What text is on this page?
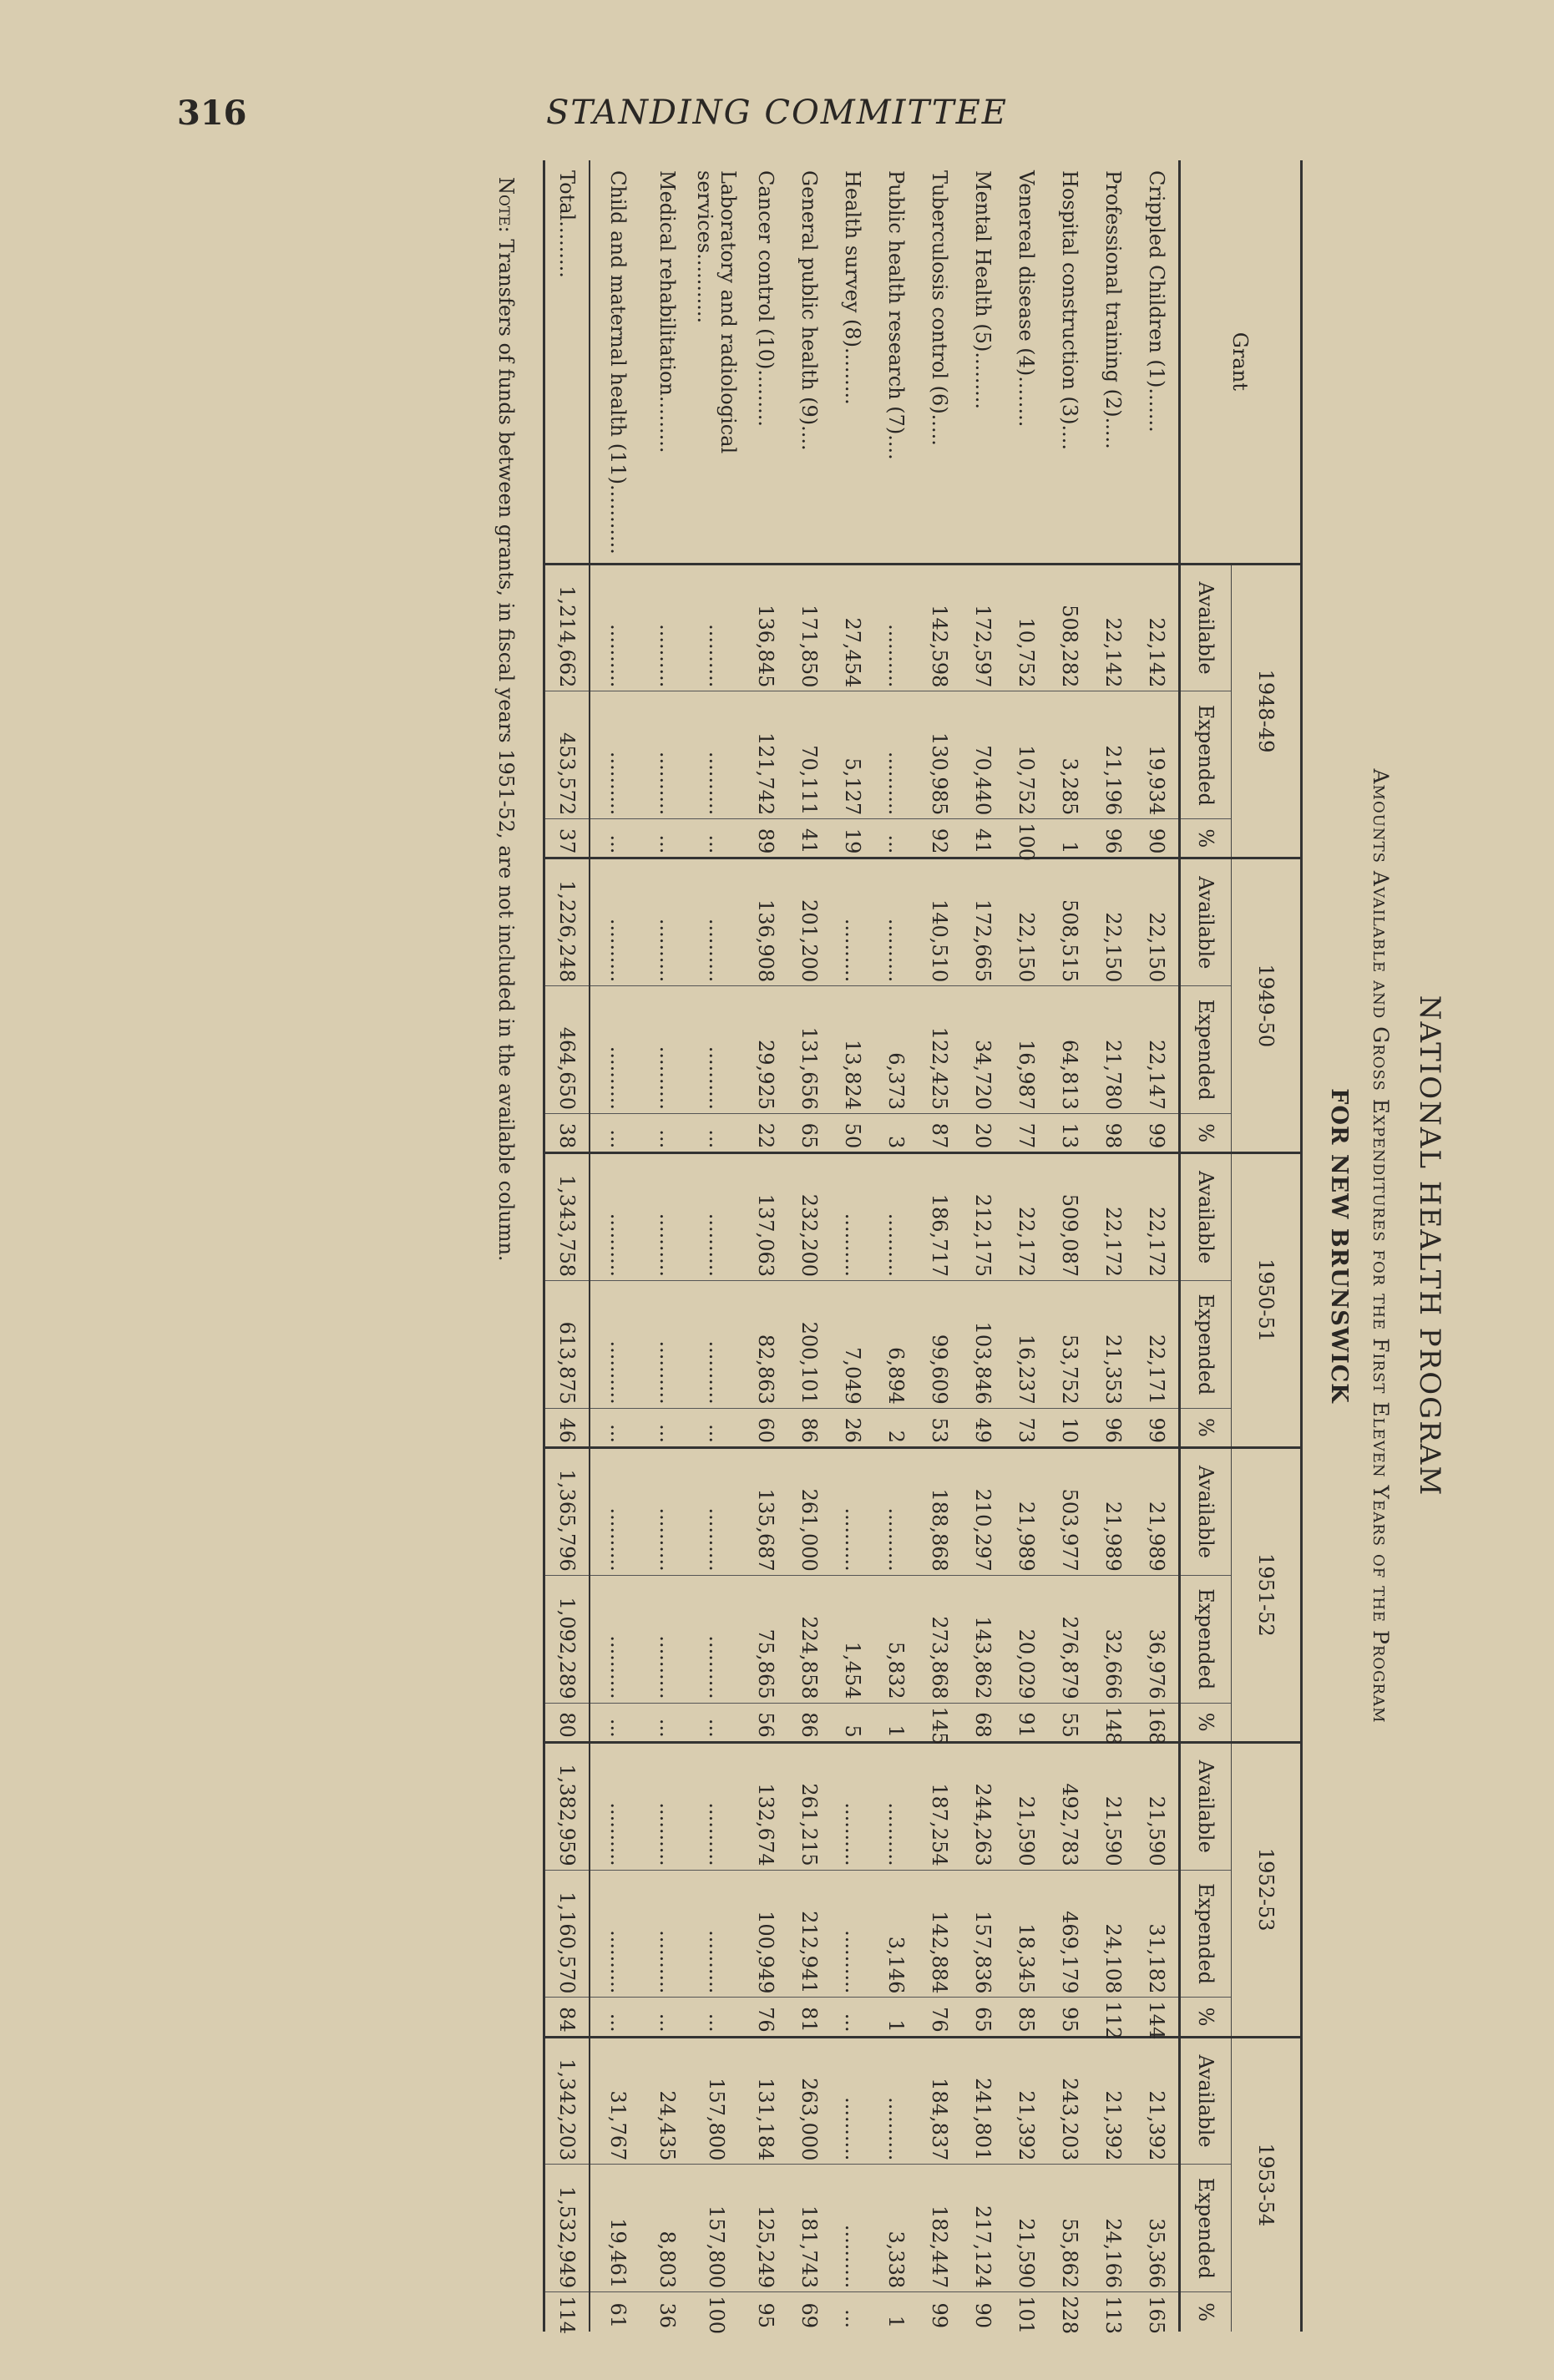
316	STANDING COMMITTEE
NATIONAL HEALTH PROGRAM
Amounts Available and Gross Expenditures for the First Eleven Years of the Program
FOR NEW BRUNSWICK
Grant	1948-49			1949-50			1950-51			1951-52			1952-53			1953-54		
	Available	Expended	%	Available	Expended	%	Available	Expended	%	Available	Expended	%	Available	Expended	%	Available	Expended	%
Crippled Children (1).......	22,142	19,934	90	22,150	22,147	99	22,172	22,171	99	21,989	36,976	168	21,590	31,182	144	21,392	35,366	165
Professional training (2).....	22,142	21,196	96	22,150	21,780	98	22,172	21,353	96	21,989	32,666	148	21,590	24,108	112	21,392	24,166	113
Hospital construction (3)....	508,282	3,285	1	508,515	64,813	13	509,087	53,752	10	503,977	276,879	55	492,783	469,179	95	243,203	55,862	228
Venereal disease (4)........	10,752	10,752	100	22,150	16,987	77	22,172	16,237	73	21,989	20,029	91	21,590	18,345	85	21,392	21,590	101
Mental Health (5).........	172,597	70,440	41	172,665	34,720	20	212,175	103,846	49	210,297	143,862	68	244,263	157,836	65	241,801	217,124	90
Tuberculosis control (6).....	142,598	130,985	92	140,510	122,425	87	186,717	99,609	53	188,868	273,868	145	187,254	142,884	76	184,837	182,447	99
Public health research (7)....	..........	..........	...	..........	6,373	3	..........	6,894	2	..........	5,832	1	..........	3,146	1	..........	3,338	1
Health survey (8).........	27,454	5,127	19	..........	13,824	50	..........	7,049	26	..........	1,454	5	..........	..........	...	..........	..........	...
General public health (9)....	171,850	70,111	41	201,200	131,656	65	232,200	200,101	86	261,000	224,858	86	261,215	212,941	81	263,000	181,743	69
Cancer control (10).........	136,845	121,742	89	136,908	29,925	22	137,063	82,863	60	135,687	75,865	56	132,674	100,949	76	131,184	125,249	95
Laboratory and radiological services...........	..........	..........	...	..........	..........	...	..........	..........	...	..........	..........	...	..........	..........	...	157,800	157,800	100
Medical rehabilitation.........	..........	..........	...	..........	..........	...	..........	..........	...	..........	..........	...	..........	..........	...	24,435	8,803	36
Child and maternal health (11)...........	..........	..........	...	..........	..........	...	..........	..........	...	..........	..........	...	..........	..........	...	31,767	19,461	61
Total.........	1,214,662	453,572	37	1,226,248	464,650	38	1,343,758	613,875	46	1,365,796	1,092,289	80	1,382,959	1,160,570	84	1,342,203	1,532,949	114
Note: Transfers of funds between grants, in fiscal years 1951-52, are not included in the available column.
